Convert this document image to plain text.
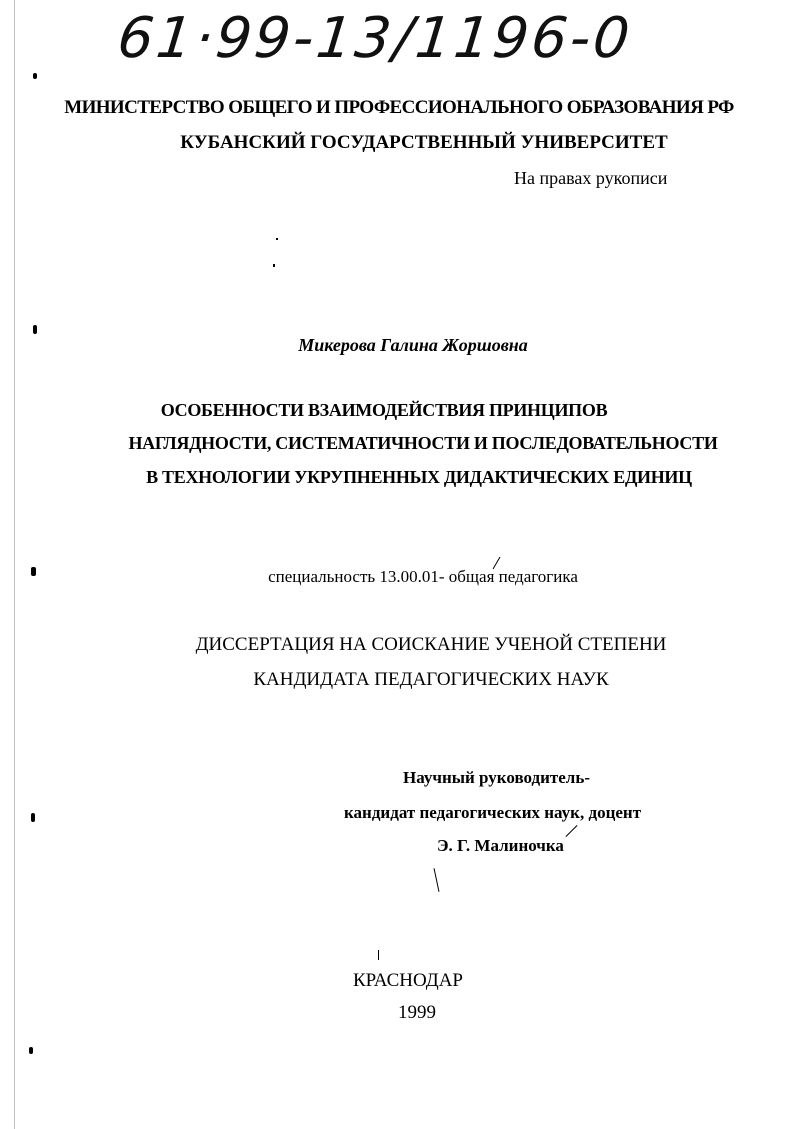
61·99-13/1196-0
МИНИСТЕРСТВО ОБЩЕГО И ПРОФЕССИОНАЛЬНОГО ОБРАЗОВАНИЯ РФ
КУБАНСКИЙ ГОСУДАРСТВЕННЫЙ УНИВЕРСИТЕТ
На правах рукописи
Микерова Галина Жоршовна
ОСОБЕННОСТИ ВЗАИМОДЕЙСТВИЯ ПРИНЦИПОВ
НАГЛЯДНОСТИ, СИСТЕМАТИЧНОСТИ И ПОСЛЕДОВАТЕЛЬНОСТИ
В ТЕХНОЛОГИИ УКРУПНЕННЫХ ДИДАКТИЧЕСКИХ ЕДИНИЦ
специальность 13.00.01- общая педагогика
ДИССЕРТАЦИЯ НА СОИСКАНИЕ УЧЕНОЙ СТЕПЕНИ
КАНДИДАТА ПЕДАГОГИЧЕСКИХ НАУК
Научный руководитель-
кандидат педагогических наук, доцент
Э. Г. Малиночка
КРАСНОДАР
1999
